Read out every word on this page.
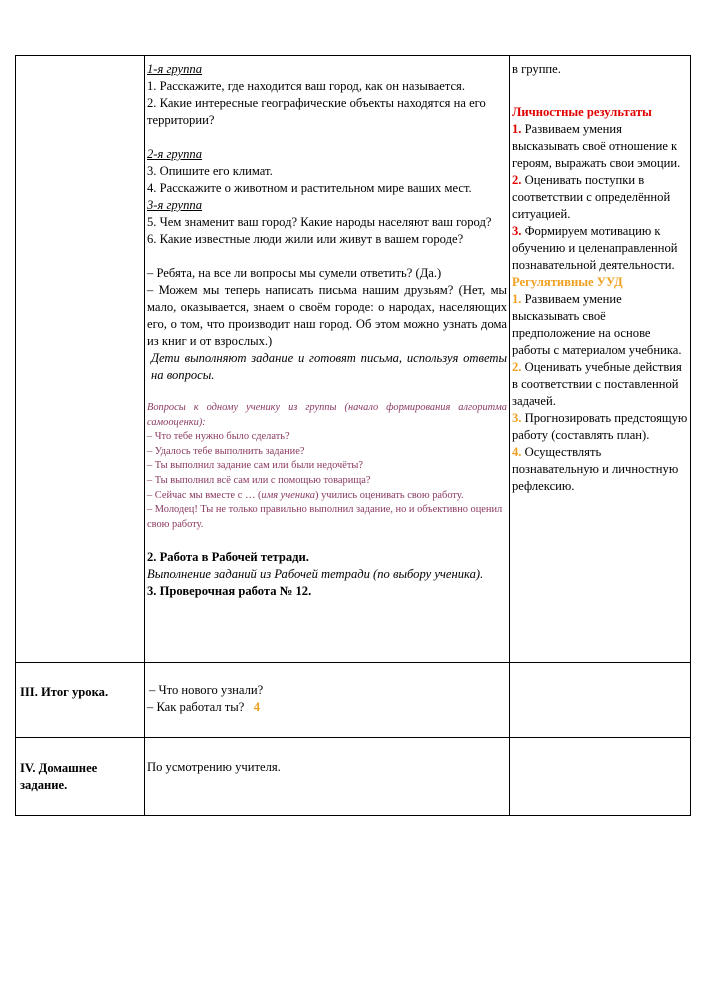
1-я группа

1. Расскажите, где находится ваш город, как он называется.

2. Какие интересные географические объекты находятся на его территории?

2-я группа

3. Опишите его климат.

4. Расскажите о животном и растительном мире ваших мест.

3-я группа

5. Чем знаменит ваш город? Какие народы населяют ваш город?

6. Какие известные люди жили или живут в вашем городе?

– Ребята, на все ли вопросы мы сумели ответить? (Да.)

– Можем мы теперь написать письма нашим друзьям? (Нет, мы мало, оказывается, знаем о своём городе: о народах, населяющих его, о том, что производит наш город. Об этом можно узнать дома из книг и от взрослых.)

Дети выполняют задание и готовят письма, используя ответы на вопросы.

Вопросы к одному ученику из группы (начало формирования алгоритма самооценки):

– Что тебе нужно было сделать?

– Удалось тебе выполнить задание?

– Ты выполнил задание сам или были недочёты?

– Ты выполнил всё сам или с помощью товарища?

– Сейчас мы вместе с … (имя ученика) учились оценивать свою работу.

– Молодец! Ты не только правильно выполнил задание, но и объективно оценил свою работу.

2. Работа в Рабочей тетради.

Выполнение заданий из Рабочей тетради (по выбору ученика).

3. Проверочная работа № 12.

в группе.

Личностные результаты

1. Развиваем умения высказывать своё отношение к героям, выражать свои эмоции.

2. Оценивать поступки в соответствии с определённой ситуацией.

3. Формируем мотивацию к обучению и целенаправленной познавательной деятельности.

Регулятивные УУД

1. Развиваем умение высказывать своё предположение на основе работы с материалом учебника.

2. Оценивать учебные действия в соответствии с поставленной задачей.

3. Прогнозировать предстоящую работу (составлять план).

4. Осуществлять познавательную и личностную рефлексию.

III. Итог урока.	– Что нового узнали?

– Как работал ты? 4

IV. Домашнее задание.

По усмотрению учителя.
